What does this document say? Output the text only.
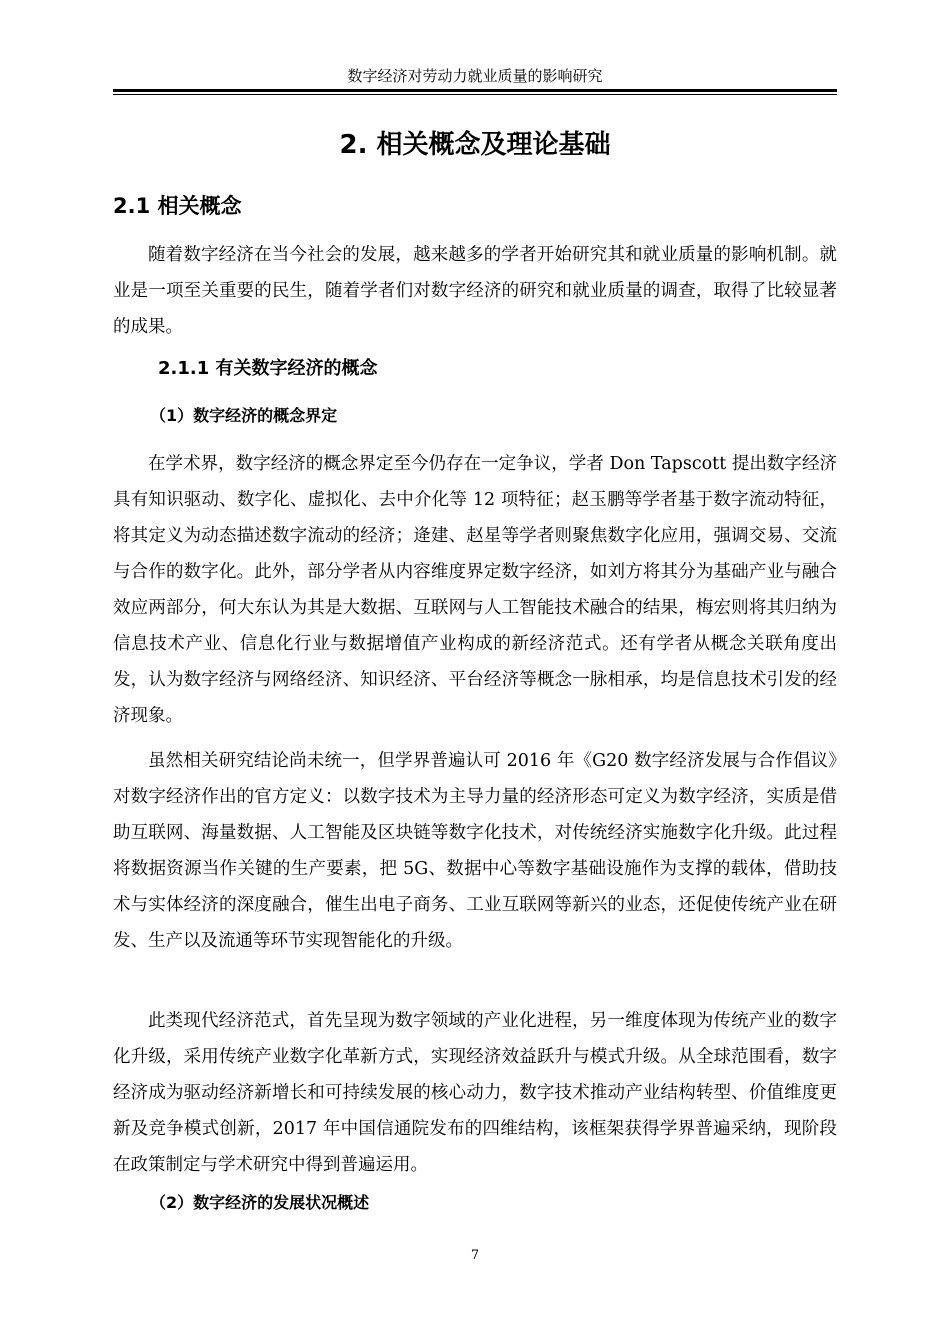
数字经济对劳动力就业质量的影响研究
2. 相关概念及理论基础
2.1 相关概念

随着数字经济在当今社会的发展，越来越多的学者开始研究其和就业质量的影响机制。就业是一项至关重要的民生，随着学者们对数字经济的研究和就业质量的调查，取得了比较显著的成果。

2.1.1 有关数字经济的概念
（1）数字经济的概念界定

在学术界，数字经济的概念界定至今仍存在一定争议，学者 Don Tapscott 提出数字经济具有知识驱动、数字化、虚拟化、去中介化等 12 项特征；赵玉鹏等学者基于数字流动特征，将其定义为动态描述数字流动的经济；逄建、赵星等学者则聚焦数字化应用，强调交易、交流与合作的数字化。此外，部分学者从内容维度界定数字经济，如刘方将其分为基础产业与融合效应两部分，何大东认为其是大数据、互联网与人工智能技术融合的结果，梅宏则将其归纳为信息技术产业、信息化行业与数据增值产业构成的新经济范式。还有学者从概念关联角度出发，认为数字经济与网络经济、知识经济、平台经济等概念一脉相承，均是信息技术引发的经济现象。

虽然相关研究结论尚未统一，但学界普遍认可 2016 年《G20 数字经济发展与合作倡议》对数字经济作出的官方定义：以数字技术为主导力量的经济形态可定义为数字经济，实质是借助互联网、海量数据、人工智能及区块链等数字化技术，对传统经济实施数字化升级。此过程将数据资源当作关键的生产要素，把 5G、数据中心等数字基础设施作为支撑的载体，借助技术与实体经济的深度融合，催生出电子商务、工业互联网等新兴的业态，还促使传统产业在研发、生产以及流通等环节实现智能化的升级。

此类现代经济范式，首先呈现为数字领域的产业化进程，另一维度体现为传统产业的数字化升级，采用传统产业数字化革新方式，实现经济效益跃升与模式升级。从全球范围看，数字经济成为驱动经济新增长和可持续发展的核心动力，数字技术推动产业结构转型、价值维度更新及竞争模式创新，2017 年中国信通院发布的四维结构，该框架获得学界普遍采纳，现阶段在政策制定与学术研究中得到普遍运用。

（2）数字经济的发展状况概述
7
